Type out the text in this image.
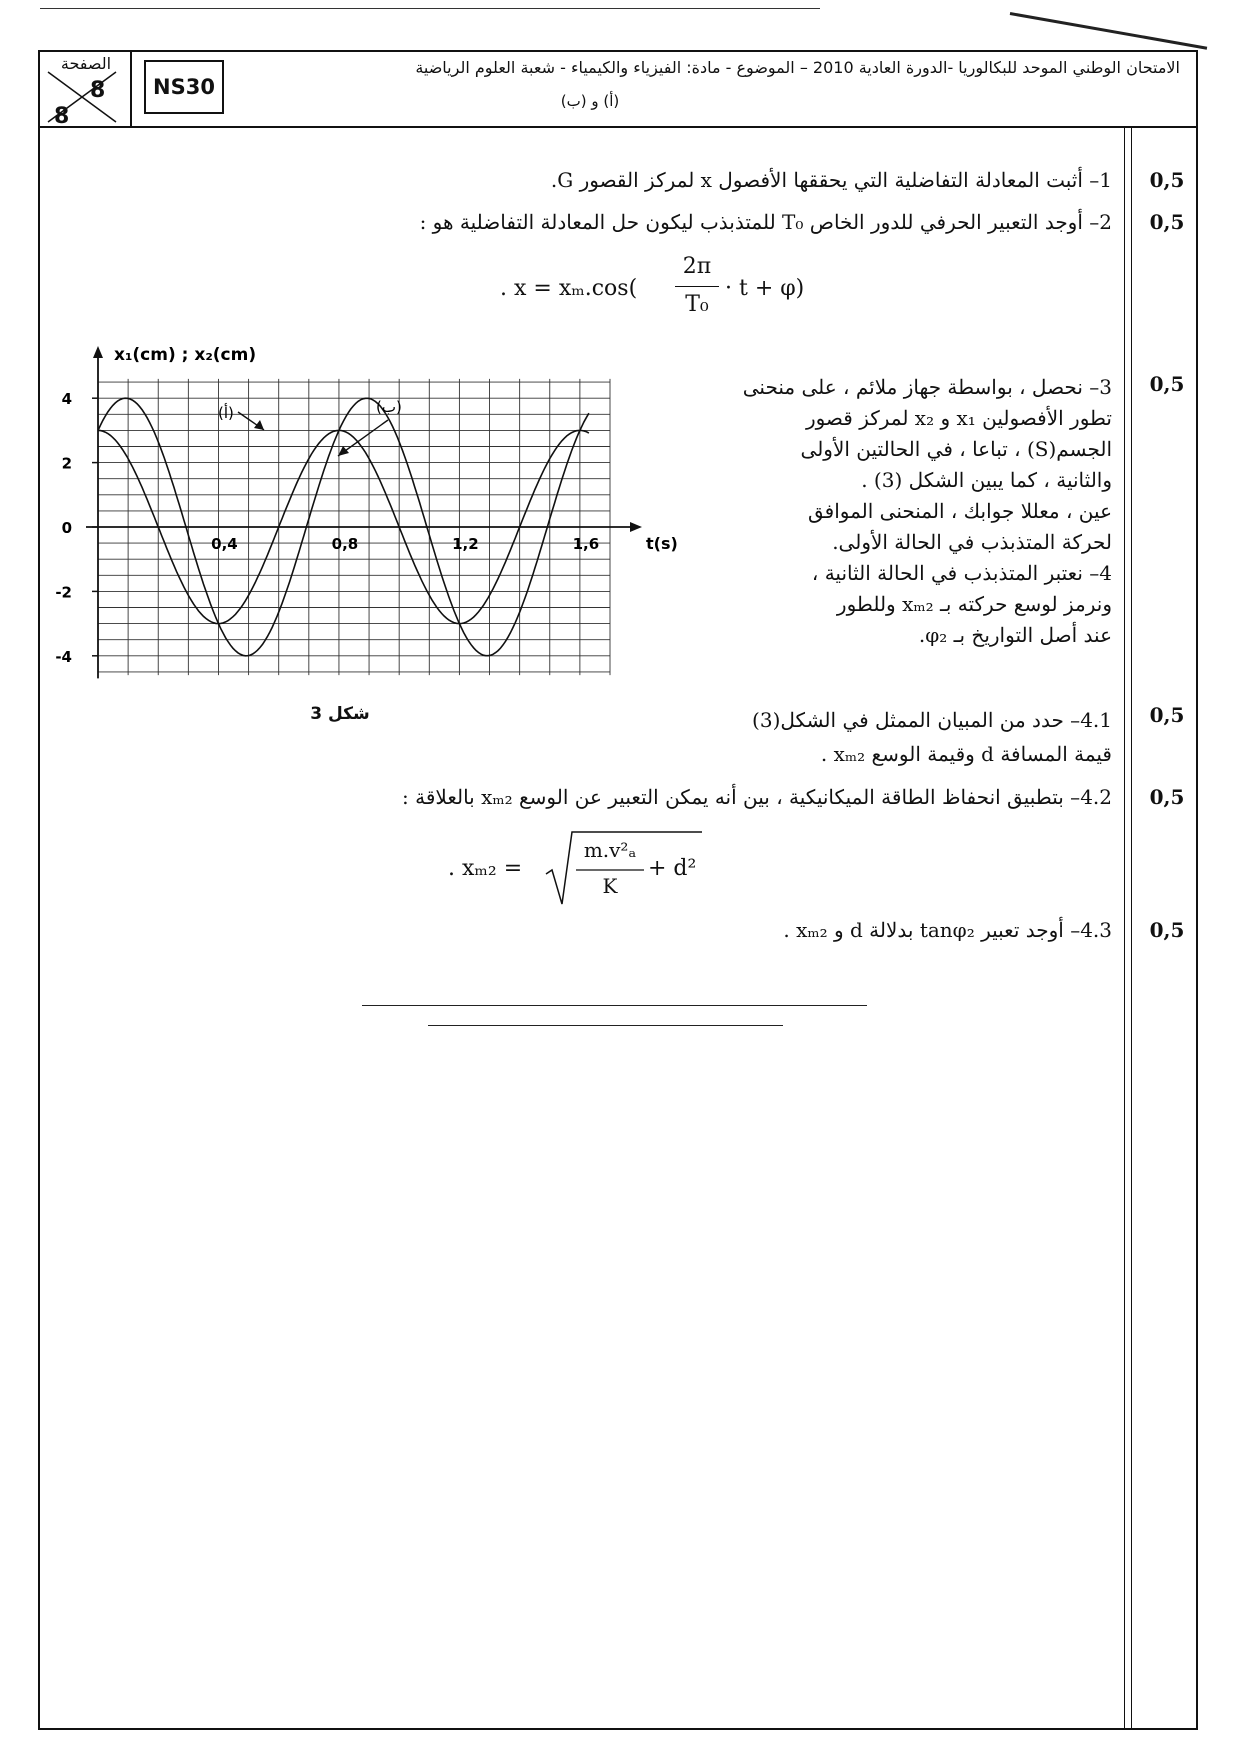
الصفحة
8
8
NS30
الامتحان الوطني الموحد للبكالوريا -الدورة العادية 2010 – الموضوع - مادة: الفيزياء والكيمياء - شعبة العلوم الرياضية
(أ) و (ب)
0,5
0,5
0,5
0,5
0,5
0,5
1– أثبت المعادلة التفاضلية التي يحققها الأفصول x لمركز القصور G.
2– أوجد التعبير الحرفي للدور الخاص T₀ للمتذبذب ليكون حل المعادلة التفاضلية هو :
. x = xₘ.cos(
2π
T₀
· t + φ)
3– نحصل ، بواسطة جهاز ملائم ، على منحنى
تطور الأفصولين x₁ و x₂ لمركز قصور
الجسم(S) ، تباعا ، في الحالتين الأولى
والثانية ، كما يبين الشكل (3) .
عين ، معللا جوابك ، المنحنى الموافق
لحركة المتذبذب في الحالة الأولى.
4– نعتبر المتذبذب في الحالة الثانية ،
ونرمز لوسع حركته بـ xₘ₂ وللطور
عند أصل التواريخ بـ φ₂.
4.1– حدد من المبيان الممثل في الشكل(3)
قيمة المسافة d وقيمة الوسع xₘ₂ .
4.2– بتطبيق انحفاظ الطاقة الميكانيكية ، بين أنه يمكن التعبير عن الوسع xₘ₂ بالعلاقة :
. xₘ₂ =
m.v²ₐ
K
+ d²
4.3– أوجد تعبير tanφ₂ بدلالة d و xₘ₂ .
4
2
0
-2
-4
0,4	0,8	1,2	1,6
x₁(cm) ; x₂(cm)
t(s)
(أ)	(ب)
شكل 3
